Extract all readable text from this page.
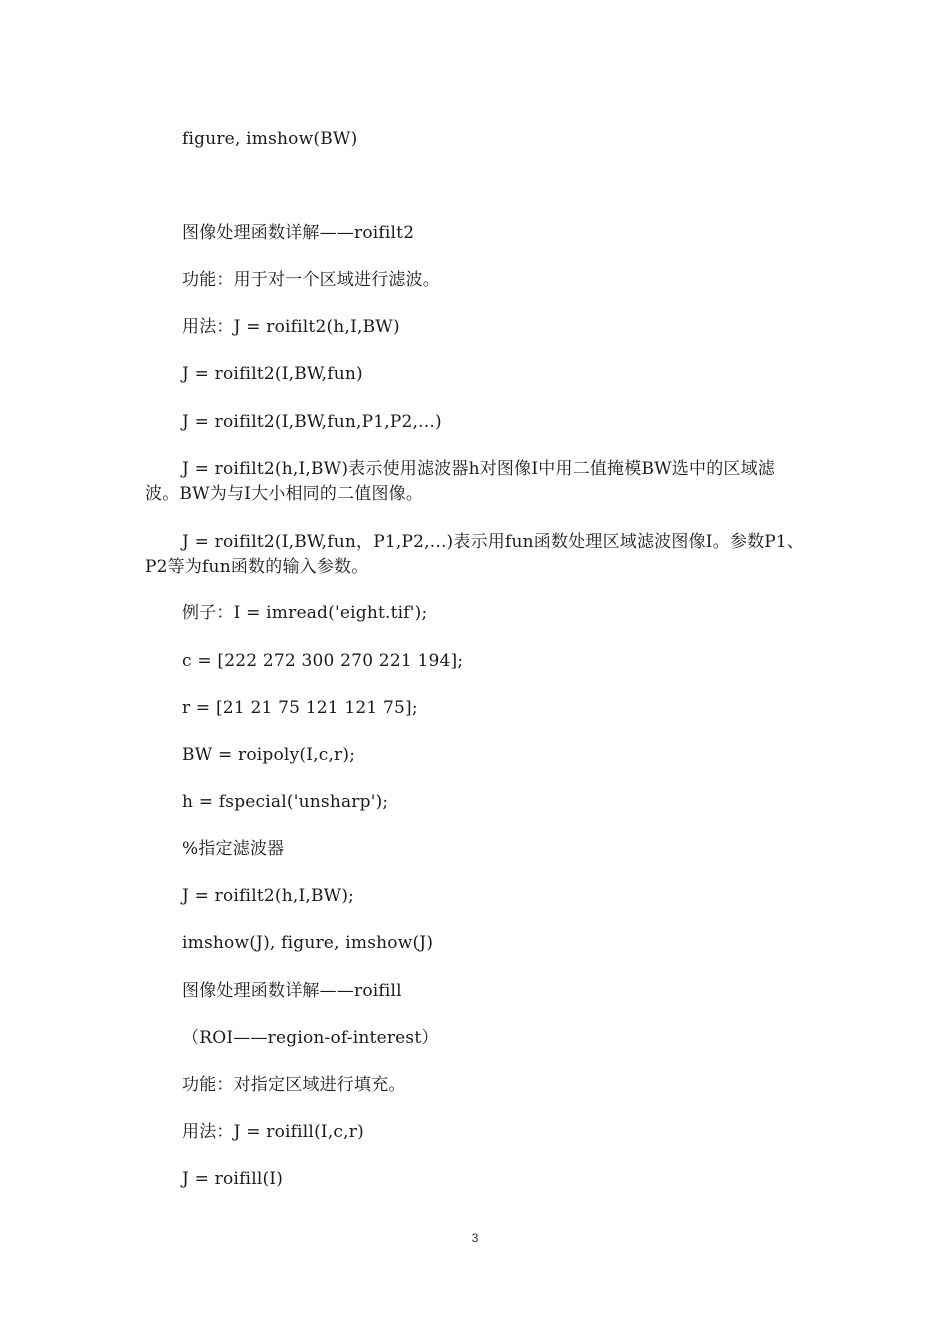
figure, imshow(BW)
图像处理函数详解——roifilt2
功能：用于对一个区域进行滤波。
用法：J = roifilt2(h,I,BW)
J = roifilt2(I,BW,fun)
J = roifilt2(I,BW,fun,P1,P2,...)
J = roifilt2(h,I,BW)表示使用滤波器h对图像I中用二值掩模BW选中的区域滤波。BW为与I大小相同的二值图像。
J = roifilt2(I,BW,fun，P1,P2,...)表示用fun函数处理区域滤波图像I。参数P1、P2等为fun函数的输入参数。
例子：I = imread('eight.tif');
c = [222 272 300 270 221 194];
r = [21 21 75 121 121 75];
BW = roipoly(I,c,r);
h = fspecial('unsharp');
%指定滤波器
J = roifilt2(h,I,BW);
imshow(J), figure, imshow(J)
图像处理函数详解——roifill
（ROI——region-of-interest）
功能：对指定区域进行填充。
用法：J = roifill(I,c,r)
J = roifill(I)
3
